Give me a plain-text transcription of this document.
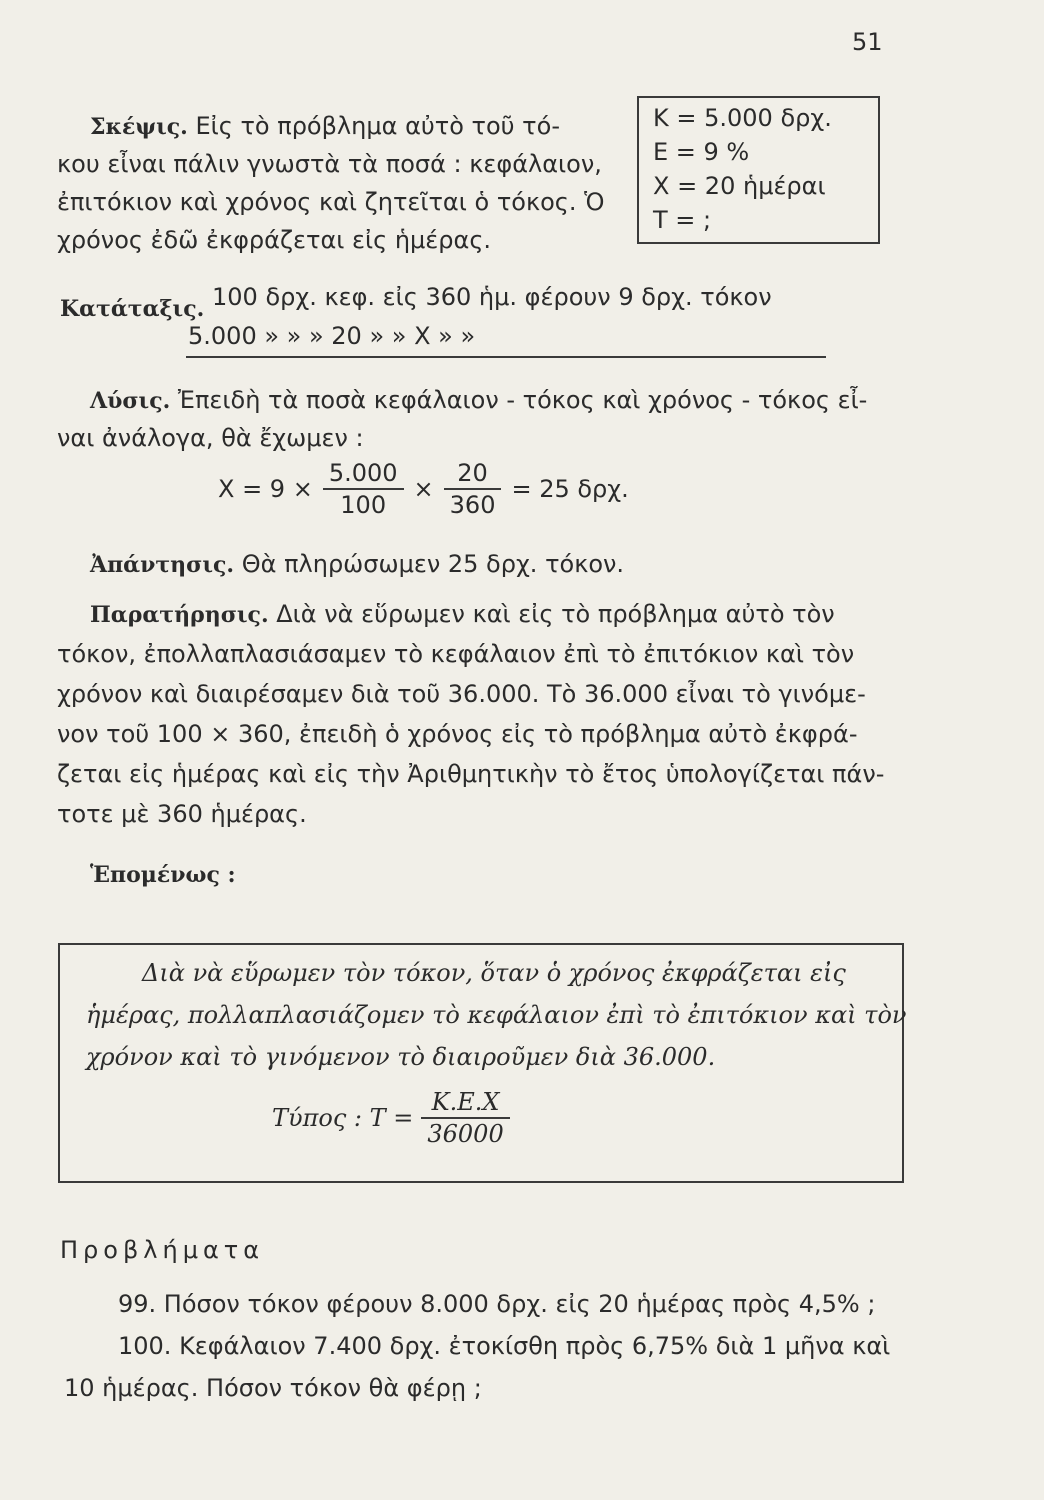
51
Σκέψις. Εἰς τὸ πρόβλημα αὐτὸ τοῦ τό-
κου εἶναι πάλιν γνωστὰ τὰ ποσά : κεφάλαιον,
ἐπιτόκιον καὶ χρόνος καὶ ζητεῖται ὁ τόκος. Ὁ
χρόνος ἐδῶ ἐκφράζεται εἰς ἡμέρας.
Κ = 5.000 δρχ.
Ε = 9 %
Χ = 20 ἡμέραι
Τ = ;
Κατάταξις. 100 δρχ. κεφ. εἰς 360 ἡμ. φέρουν 9 δρχ. τόκον
5.000 » » » 20 » » Χ » »
Λύσις. Ἐπειδὴ τὰ ποσὰ κεφάλαιον - τόκος καὶ χρόνος - τόκος εἶ-
ναι ἀνάλογα, θὰ ἔχωμεν :
$X = 9 \times \frac{5.000}{100} \times \frac{20}{360} = 25$ δρχ.
Ἀπάντησις. Θὰ πληρώσωμεν 25 δρχ. τόκον.
Παρατήρησις. Διὰ νὰ εὕρωμεν καὶ εἰς τὸ πρόβλημα αὐτὸ τὸν
τόκον, ἐπολλαπλασιάσαμεν τὸ κεφάλαιον ἐπὶ τὸ ἐπιτόκιον καὶ τὸν
χρόνον καὶ διαιρέσαμεν διὰ τοῦ 36.000. Τὸ 36.000 εἶναι τὸ γινόμε-
νον τοῦ 100 × 360, ἐπειδὴ ὁ χρόνος εἰς τὸ πρόβλημα αὐτὸ ἐκφρά-
ζεται εἰς ἡμέρας καὶ εἰς τὴν Ἀριθμητικὴν τὸ ἔτος ὑπολογίζεται πάν-
τοτε μὲ 360 ἡμέρας.
Ἑπομένως :
Διὰ νὰ εὕρωμεν τὸν τόκον, ὅταν ὁ χρόνος ἐκφράζεται εἰς
ἡμέρας, πολλαπλασιάζομεν τὸ κεφάλαιον ἐπὶ τὸ ἐπιτόκιον καὶ τὸν
χρόνον καὶ τὸ γινόμενον τὸ διαιροῦμεν διὰ 36.000.
Τύπος : $T = \frac{K.E.X}{36000}$
Προβλήματα
99. Πόσον τόκον φέρουν 8.000 δρχ. εἰς 20 ἡμέρας πρὸς 4,5% ;
100. Κεφάλαιον 7.400 δρχ. ἐτοκίσθη πρὸς 6,75% διὰ 1 μῆνα καὶ
10 ἡμέρας. Πόσον τόκον θὰ φέρῃ ;
